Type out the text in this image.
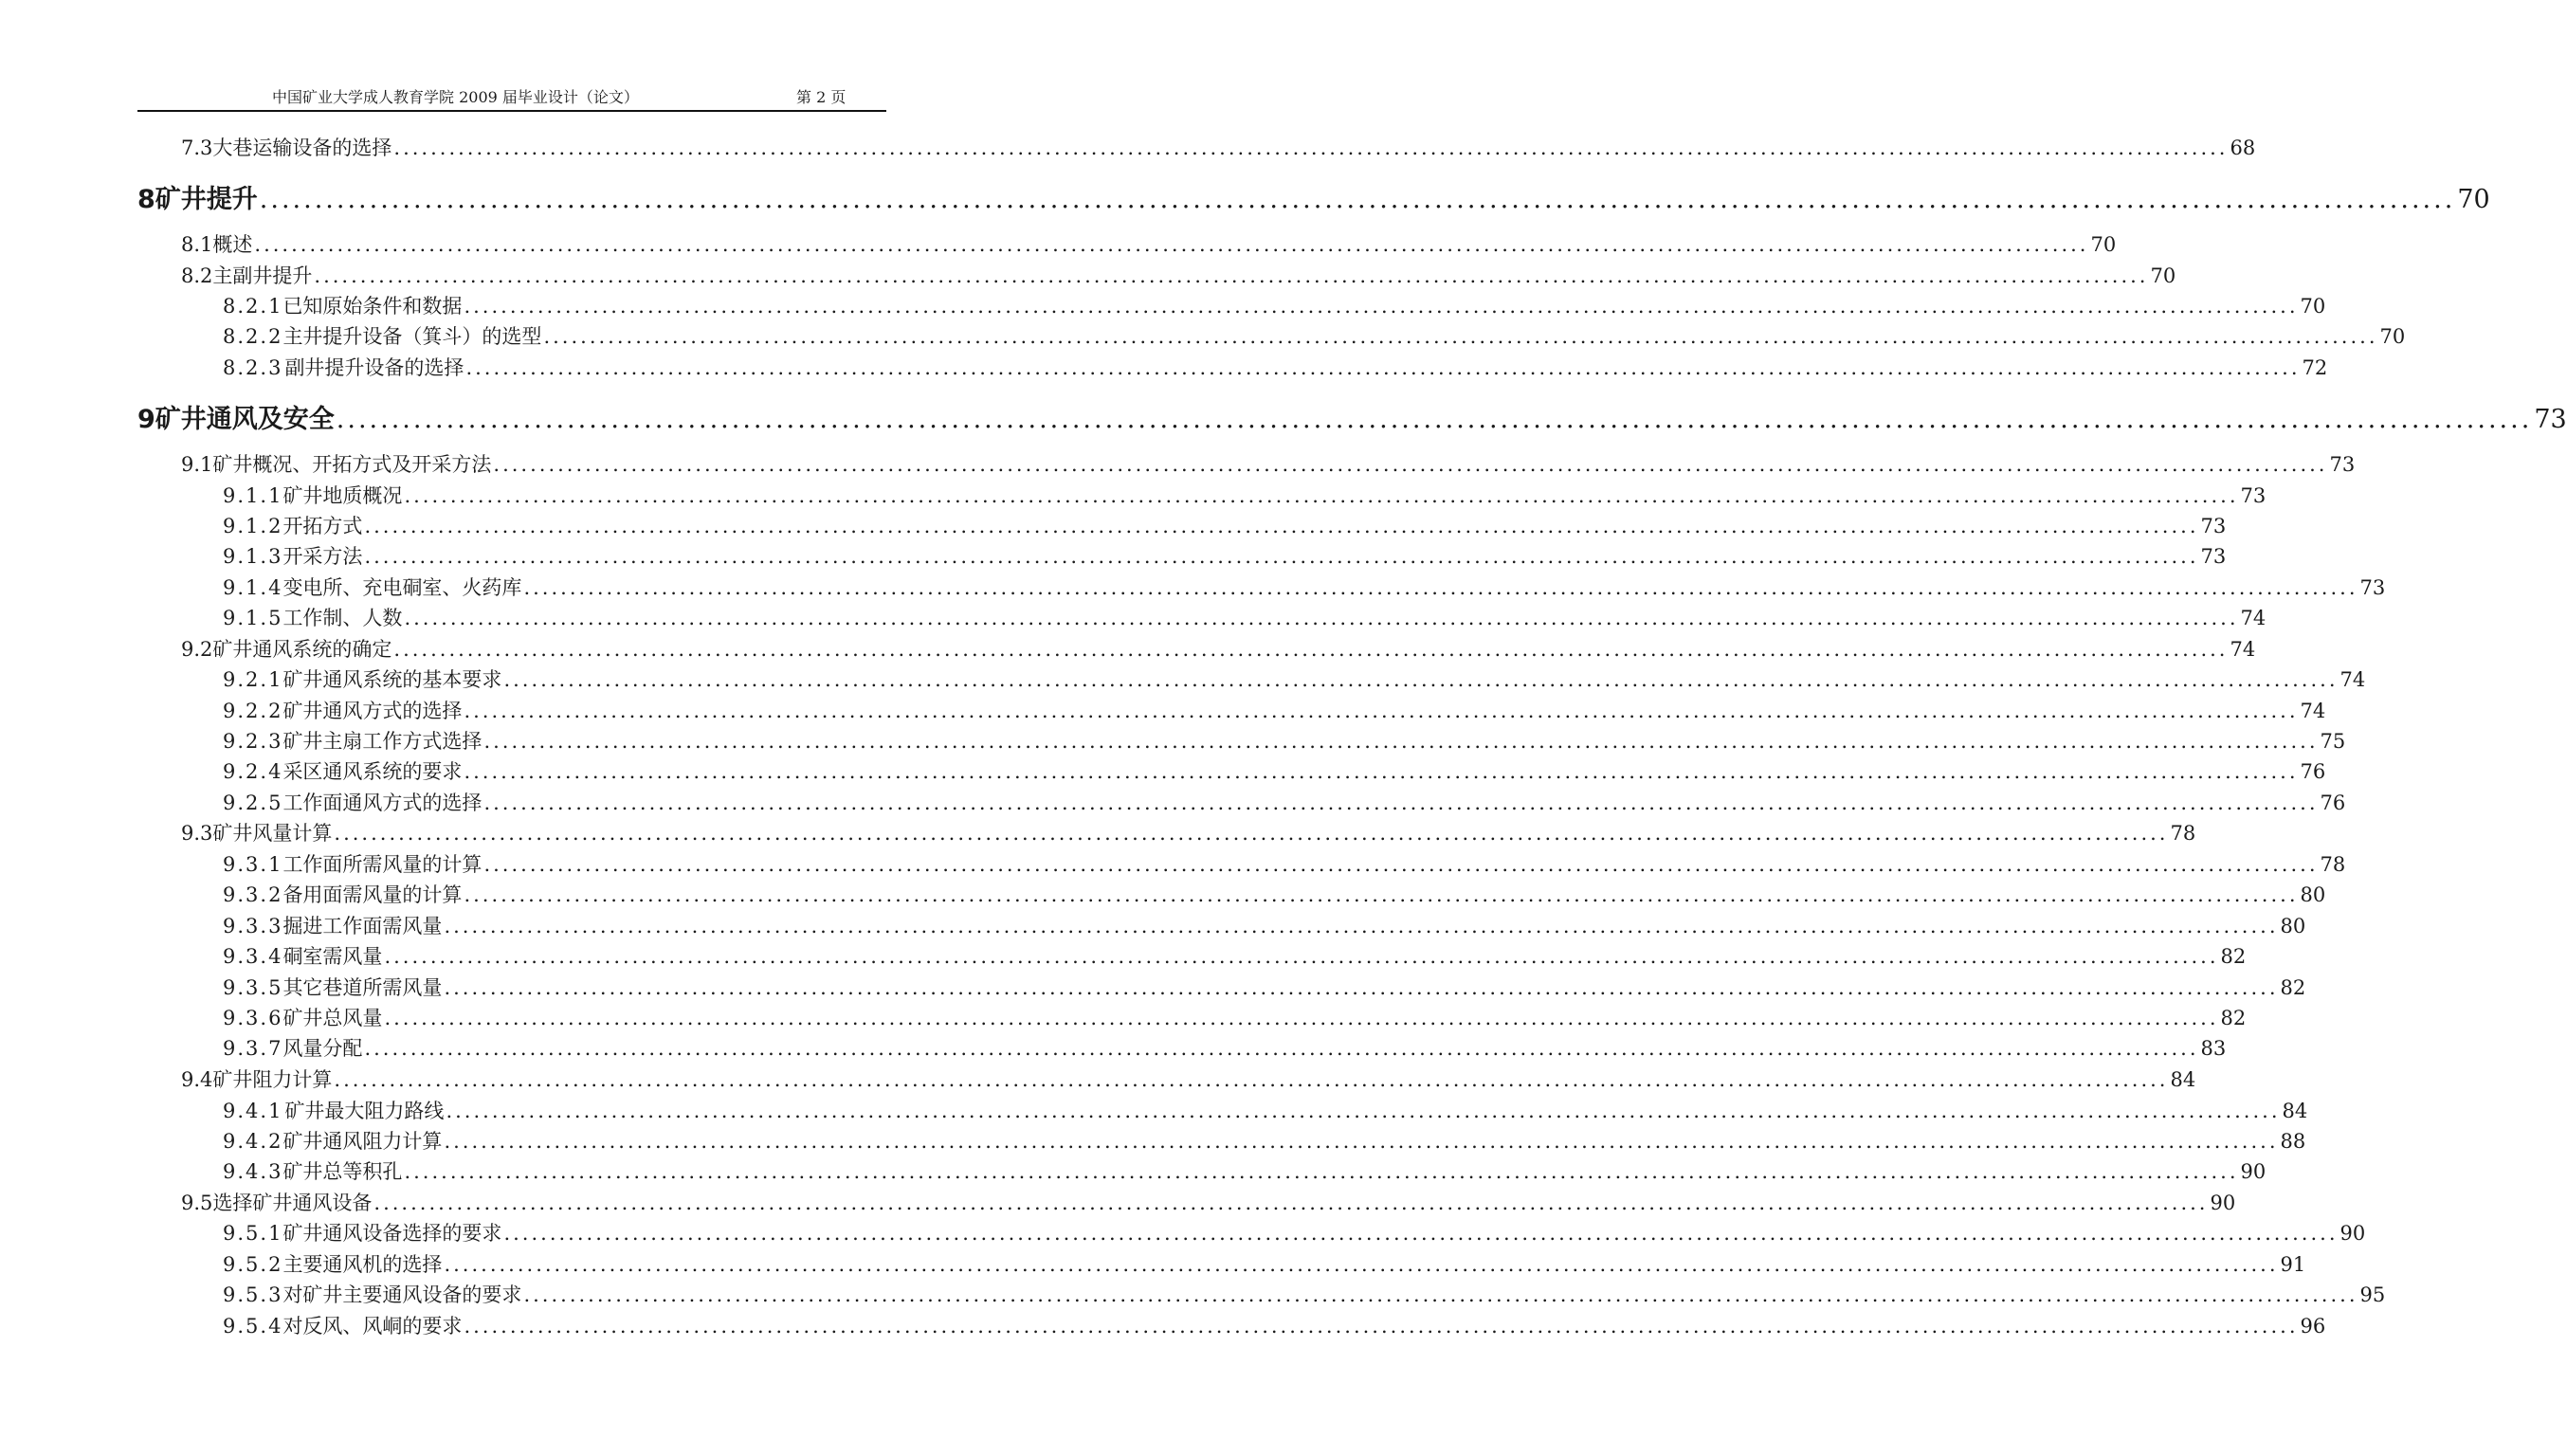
中国矿业大学成人教育学院 2009 届毕业设计（论文）	第 2 页
7.3 大巷运输设备的选择 ........................................................................................................................................................................................................ 68
8 矿井提升 ........................................................................................................................................................................................................ 70
8.1 概述 ........................................................................................................................................................................................................ 70
8.2 主副井提升 ........................................................................................................................................................................................................ 70
8.2.1 已知原始条件和数据 ........................................................................................................................................................................................................ 70
8.2.2 主井提升设备（箕斗）的选型 ........................................................................................................................................................................................................ 70
8.2.3 副井提升设备的选择 ........................................................................................................................................................................................................ 72
9 矿井通风及安全 ........................................................................................................................................................................................................ 73
9.1 矿井概况、开拓方式及开采方法 ........................................................................................................................................................................................................ 73
9.1.1 矿井地质概况 ........................................................................................................................................................................................................ 73
9.1.2 开拓方式 ........................................................................................................................................................................................................ 73
9.1.3 开采方法 ........................................................................................................................................................................................................ 73
9.1.4 变电所、充电硐室、火药库 ........................................................................................................................................................................................................ 73
9.1.5 工作制、人数 ........................................................................................................................................................................................................ 74
9.2 矿井通风系统的确定 ........................................................................................................................................................................................................ 74
9.2.1 矿井通风系统的基本要求 ........................................................................................................................................................................................................ 74
9.2.2 矿井通风方式的选择 ........................................................................................................................................................................................................ 74
9.2.3 矿井主扇工作方式选择 ........................................................................................................................................................................................................ 75
9.2.4 采区通风系统的要求 ........................................................................................................................................................................................................ 76
9.2.5 工作面通风方式的选择 ........................................................................................................................................................................................................ 76
9.3 矿井风量计算 ........................................................................................................................................................................................................ 78
9.3.1 工作面所需风量的计算 ........................................................................................................................................................................................................ 78
9.3.2 备用面需风量的计算 ........................................................................................................................................................................................................ 80
9.3.3 掘进工作面需风量 ........................................................................................................................................................................................................ 80
9.3.4 硐室需风量 ........................................................................................................................................................................................................ 82
9.3.5 其它巷道所需风量 ........................................................................................................................................................................................................ 82
9.3.6 矿井总风量 ........................................................................................................................................................................................................ 82
9.3.7 风量分配 ........................................................................................................................................................................................................ 83
9.4 矿井阻力计算 ........................................................................................................................................................................................................ 84
9.4.1 矿井最大阻力路线 ........................................................................................................................................................................................................ 84
9.4.2 矿井通风阻力计算 ........................................................................................................................................................................................................ 88
9.4.3 矿井总等积孔 ........................................................................................................................................................................................................ 90
9.5 选择矿井通风设备 ........................................................................................................................................................................................................ 90
9.5.1 矿井通风设备选择的要求 ........................................................................................................................................................................................................ 90
9.5.2 主要通风机的选择 ........................................................................................................................................................................................................ 91
9.5.3 对矿井主要通风设备的要求 ........................................................................................................................................................................................................ 95
9.5.4 对反风、风峒的要求 ........................................................................................................................................................................................................ 96
